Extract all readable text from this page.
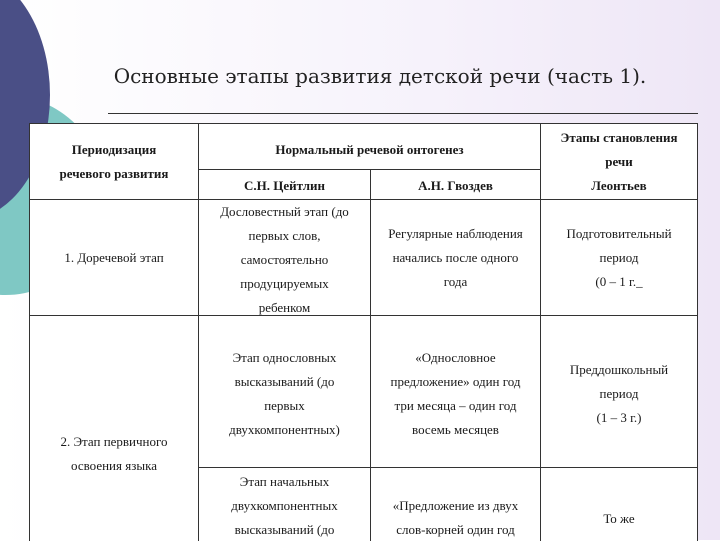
Основные этапы развития детской речи (часть 1).
Периодизация
речевого развития
Нормальный речевой онтогенез
С.Н. Цейтлин	А.Н. Гвоздев
Этапы становления
речи
Леонтьев
1. Доречевой этап
Дословестный этап (до
первых слов,
самостоятельно
продуцируемых
ребенком
Регулярные наблюдения
начались после одного
года
Подготовительный
период
(0 – 1 г._
2. Этап первичного
освоения языка
Этап однословных
высказываний (до
первых
двухкомпонентных)
«Однословное
предложение» один год
три месяца – один год
восемь месяцев
Преддошкольный
период
(1 – 3 г.)
Этап начальных
двухкомпонентных
высказываний (до
«Предложение из двух
слов-корней один год
То же
